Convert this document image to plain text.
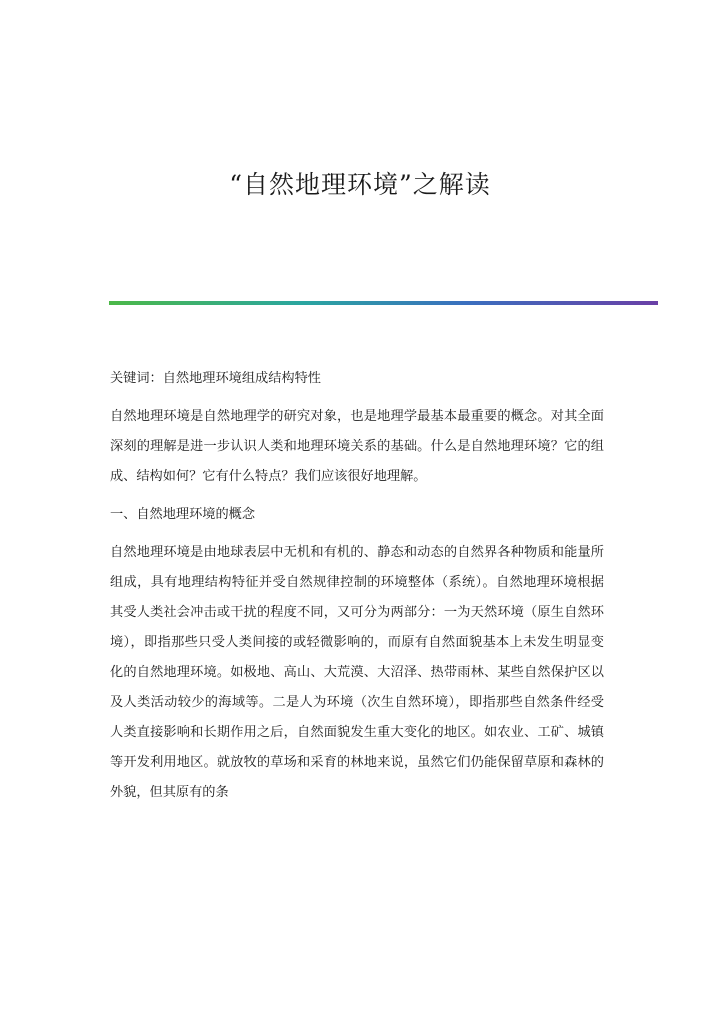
“自然地理环境”之解读

关键词：自然地理环境组成结构特性

自然地理环境是自然地理学的研究对象，也是地理学最基本最重要的概念。对其全面深刻的理解是进一步认识人类和地理环境关系的基础。什么是自然地理环境？它的组成、结构如何？它有什么特点？我们应该很好地理解。

一、自然地理环境的概念

自然地理环境是由地球表层中无机和有机的、静态和动态的自然界各种物质和能量所组成，具有地理结构特征并受自然规律控制的环境整体（系统）。自然地理环境根据其受人类社会冲击或干扰的程度不同，又可分为两部分：一为天然环境（原生自然环境），即指那些只受人类间接的或轻微影响的，而原有自然面貌基本上未发生明显变化的自然地理环境。如极地、高山、大荒漠、大沼泽、热带雨林、某些自然保护区以及人类活动较少的海域等。二是人为环境（次生自然环境），即指那些自然条件经受人类直接影响和长期作用之后，自然面貌发生重大变化的地区。如农业、工矿、城镇等开发利用地区。就放牧的草场和采育的林地来说，虽然它们仍能保留草原和森林的外貌，但其原有的条
